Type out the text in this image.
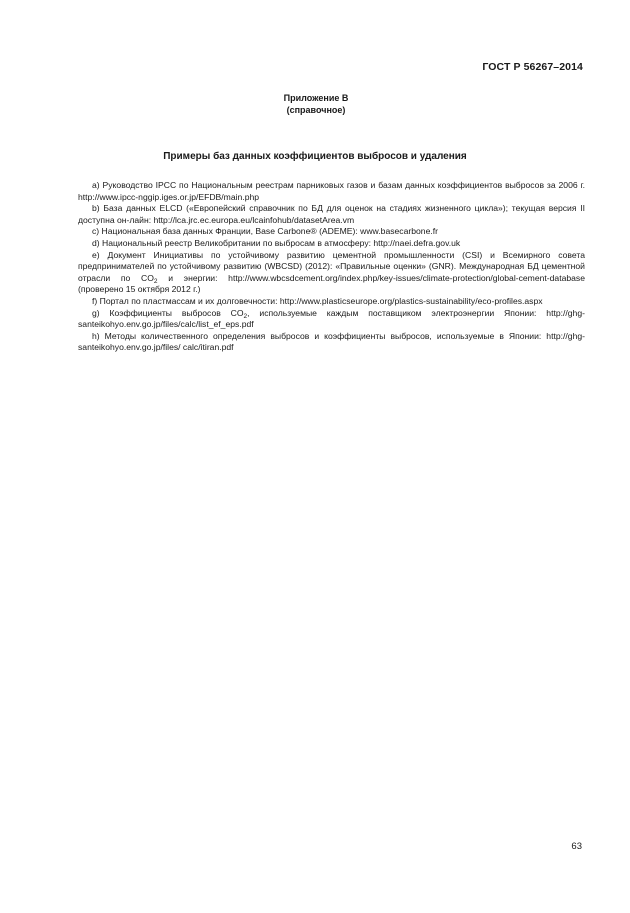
ГОСТ Р 56267–2014
Приложение В
(справочное)
Примеры баз данных коэффициентов выбросов и удаления

a) Руководство IPCC по Национальным реестрам парниковых газов и базам данных коэффициентов выбросов за 2006 г. http://www.ipcc-nggip.iges.or.jp/EFDB/main.php

b) База данных ELCD («Европейский справочник по БД для оценок на стадиях жизненного цикла»); текущая версия II доступна он-лайн: http://lca.jrc.ec.europa.eu/lcainfohub/datasetArea.vm

c) Национальная база данных Франции, Base Carbone® (ADEME): www.basecarbone.fr

d) Национальный реестр Великобритании по выбросам в атмосферу: http://naei.defra.gov.uk

e) Документ Инициативы по устойчивому развитию цементной промышленности (CSI) и Всемирного совета предпринимателей по устойчивому развитию (WBCSD) (2012): «Правильные оценки» (GNR). Международная БД цементной отрасли по $CO_2$ и энергии: http://www.wbcsdcement.org/index.php/key-issues/climate-protection/global-cement-database (проверено 15 октября 2012 г.)

f) Портал по пластмассам и их долговечности: http://www.plasticseurope.org/plastics-sustainability/eco-profiles.aspx

g) Коэффициенты выбросов $CO_2$, используемые каждым поставщиком электроэнергии Японии: http://ghg-santeikohyo.env.go.jp/files/calc/list_ef_eps.pdf

h) Методы количественного определения выбросов и коэффициенты выбросов, используемые в Японии: http://ghg-santeikohyo.env.go.jp/files/ calc/itiran.pdf

63
